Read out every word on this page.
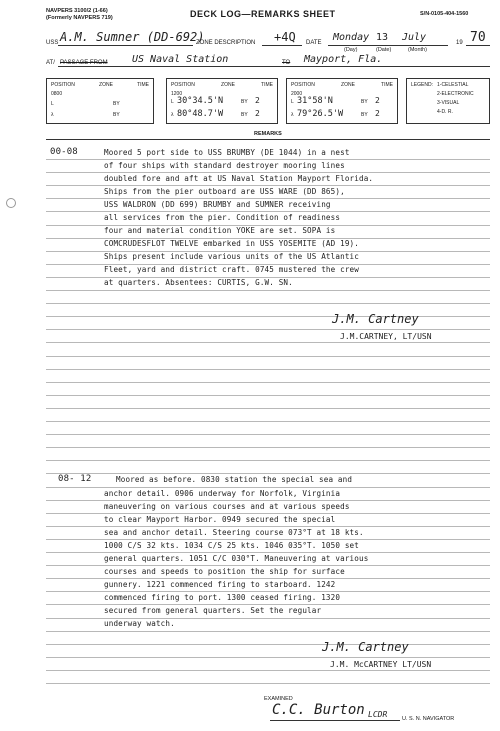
NAVPERS 3100/2 (1-66)
(Formerly NAVPERS 719)	DECK LOG—REMARKS SHEET	S/N-0105-404-1560
USS A.M. Sumner (DD-692)
ZONE DESCRIPTION +4Q DATE Monday 13 July	19 70
(Day)	(Date)	(Month)
AT/ PASSAGE FROM US Naval Station	TO Mayport, Fla.
POSITION	ZONE	TIME
0800
L	BY
λ	BY
POSITION	ZONE	TIME
1200
L 30°34.5'N	BY 2
λ 80°48.7'W	BY 2
POSITION	ZONE	TIME
2000
L 31°58'N	BY 2
λ 79°26.5'W	BY 2
LEGEND: 1-CELESTIAL
2-ELECTRONIC
3-VISUAL
4-D. R.
REMARKS
00-08	Moored 5 port side to USS BRUMBY (DE 1044) in a nest
of four ships with standard destroyer mooring lines
doubled fore and aft at US Naval Station Mayport Florida.
Ships from the pier outboard are USS WARE (DD 865),
USS WALDRON (DD 699) BRUMBY and SUMNER receiving
all services from the pier. Condition of readiness
four and material condition YOKE are set. SOPA is
COMCRUDESFLOT TWELVE embarked in USS YOSEMITE (AD 19).
Ships present include various units of the US Atlantic
Fleet, yard and district craft. 0745 mustered the crew
at quarters. Absentees: CURTIS, G.W. SN.
J.M. Cartney
J.M.CARTNEY, LT/USN
08- 12	Moored as before. 0830 station the special sea and
anchor detail. 0906 underway for Norfolk, Virginia
maneuvering on various courses and at various speeds
to clear Mayport Harbor. 0949 secured the special
sea and anchor detail. Steering course 073°T at 18 kts.
1000 C/S 32 kts. 1034 C/S 25 kts. 1046 035°T. 1050 set
general quarters. 1051 C/C 030°T. Maneuvering at various
courses and speeds to position the ship for surface
gunnery. 1221 commenced firing to starboard. 1242
commenced firing to port. 1300 ceased firing. 1320
secured from general quarters. Set the regular
underway watch.
J.M. Cartney
J.M. McCARTNEY LT/USN
EXAMINED
C.C. Burton LCDR	U. S. N. NAVIGATOR
